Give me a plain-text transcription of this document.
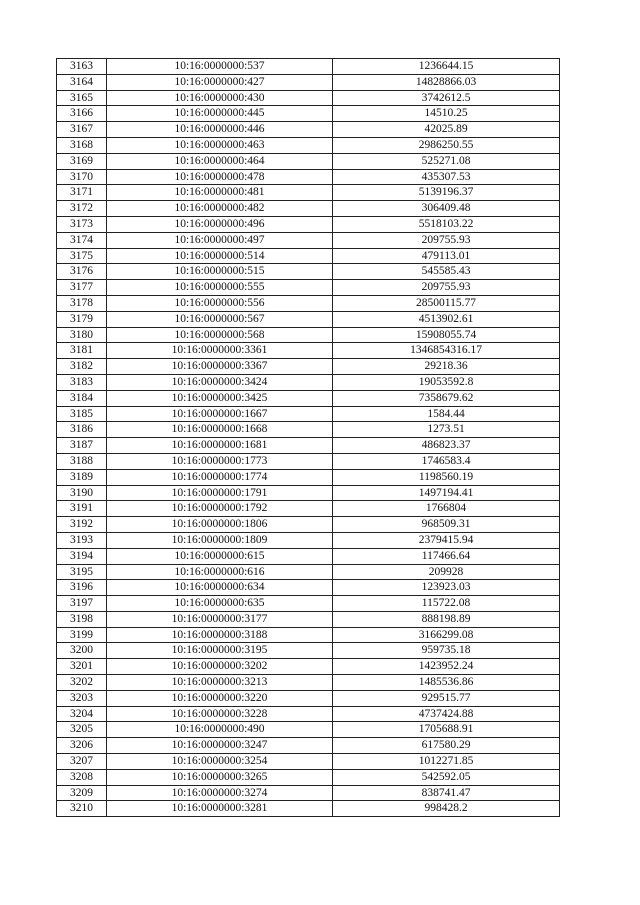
3163	10:16:0000000:537	1236644.15
3164	10:16:0000000:427	14828866.03
3165	10:16:0000000:430	3742612.5
3166	10:16:0000000:445	14510.25
3167	10:16:0000000:446	42025.89
3168	10:16:0000000:463	2986250.55
3169	10:16:0000000:464	525271.08
3170	10:16:0000000:478	435307.53
3171	10:16:0000000:481	5139196.37
3172	10:16:0000000:482	306409.48
3173	10:16:0000000:496	5518103.22
3174	10:16:0000000:497	209755.93
3175	10:16:0000000:514	479113.01
3176	10:16:0000000:515	545585.43
3177	10:16:0000000:555	209755.93
3178	10:16:0000000:556	28500115.77
3179	10:16:0000000:567	4513902.61
3180	10:16:0000000:568	15908055.74
3181	10:16:0000000:3361	1346854316.17
3182	10:16:0000000:3367	29218.36
3183	10:16:0000000:3424	19053592.8
3184	10:16:0000000:3425	7358679.62
3185	10:16:0000000:1667	1584.44
3186	10:16:0000000:1668	1273.51
3187	10:16:0000000:1681	486823.37
3188	10:16:0000000:1773	1746583.4
3189	10:16:0000000:1774	1198560.19
3190	10:16:0000000:1791	1497194.41
3191	10:16:0000000:1792	1766804
3192	10:16:0000000:1806	968509.31
3193	10:16:0000000:1809	2379415.94
3194	10:16:0000000:615	117466.64
3195	10:16:0000000:616	209928
3196	10:16:0000000:634	123923.03
3197	10:16:0000000:635	115722.08
3198	10:16:0000000:3177	888198.89
3199	10:16:0000000:3188	3166299.08
3200	10:16:0000000:3195	959735.18
3201	10:16:0000000:3202	1423952.24
3202	10:16:0000000:3213	1485536.86
3203	10:16:0000000:3220	929515.77
3204	10:16:0000000:3228	4737424.88
3205	10:16:0000000:490	1705688.91
3206	10:16:0000000:3247	617580.29
3207	10:16:0000000:3254	1012271.85
3208	10:16:0000000:3265	542592.05
3209	10:16:0000000:3274	838741.47
3210	10:16:0000000:3281	998428.2
